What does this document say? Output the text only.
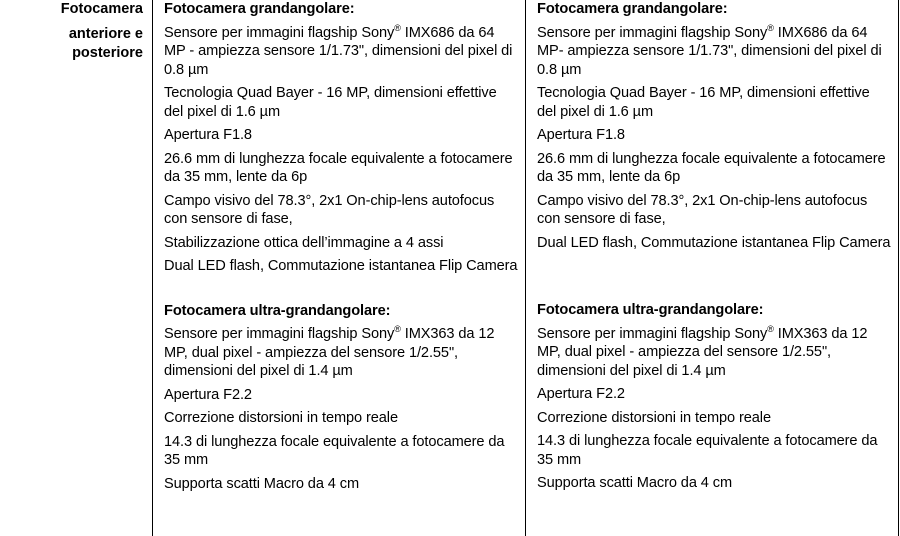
Fotocamera
anteriore e
posteriore
Fotocamera grandangolare:
Sensore per immagini flagship Sony® IMX686 da 64 MP - ampiezza sensore 1/1.73", dimensioni del pixel di 0.8 µm
Tecnologia Quad Bayer - 16 MP, dimensioni effettive del pixel di 1.6 µm
Apertura F1.8
26.6 mm di lunghezza focale equivalente a fotocamere da 35 mm, lente da 6p
Campo visivo del 78.3°, 2x1 On-chip-lens autofocus con sensore di fase,
Stabilizzazione ottica dell’immagine a 4 assi
Dual LED flash, Commutazione istantanea Flip Camera
Fotocamera ultra-grandangolare:
Sensore per immagini flagship Sony® IMX363 da 12 MP, dual pixel - ampiezza del sensore 1/2.55", dimensioni del pixel di 1.4 µm
Apertura F2.2
Correzione distorsioni in tempo reale
14.3 di lunghezza focale equivalente a fotocamere da 35 mm
Supporta scatti Macro da 4 cm
Fotocamera grandangolare:
Sensore per immagini flagship Sony® IMX686 da 64 MP- ampiezza sensore 1/1.73", dimensioni del pixel di 0.8 µm
Tecnologia Quad Bayer - 16 MP, dimensioni effettive del pixel di 1.6 µm
Apertura F1.8
26.6 mm di lunghezza focale equivalente a fotocamere da 35 mm, lente da 6p
Campo visivo del 78.3°, 2x1 On-chip-lens autofocus con sensore di fase,
Dual LED flash, Commutazione istantanea Flip Camera
Fotocamera ultra-grandangolare:
Sensore per immagini flagship Sony® IMX363 da 12 MP, dual pixel - ampiezza del sensore 1/2.55", dimensioni del pixel di 1.4 µm
Apertura F2.2
Correzione distorsioni in tempo reale
14.3 di lunghezza focale equivalente a fotocamere da 35 mm
Supporta scatti Macro da 4 cm
